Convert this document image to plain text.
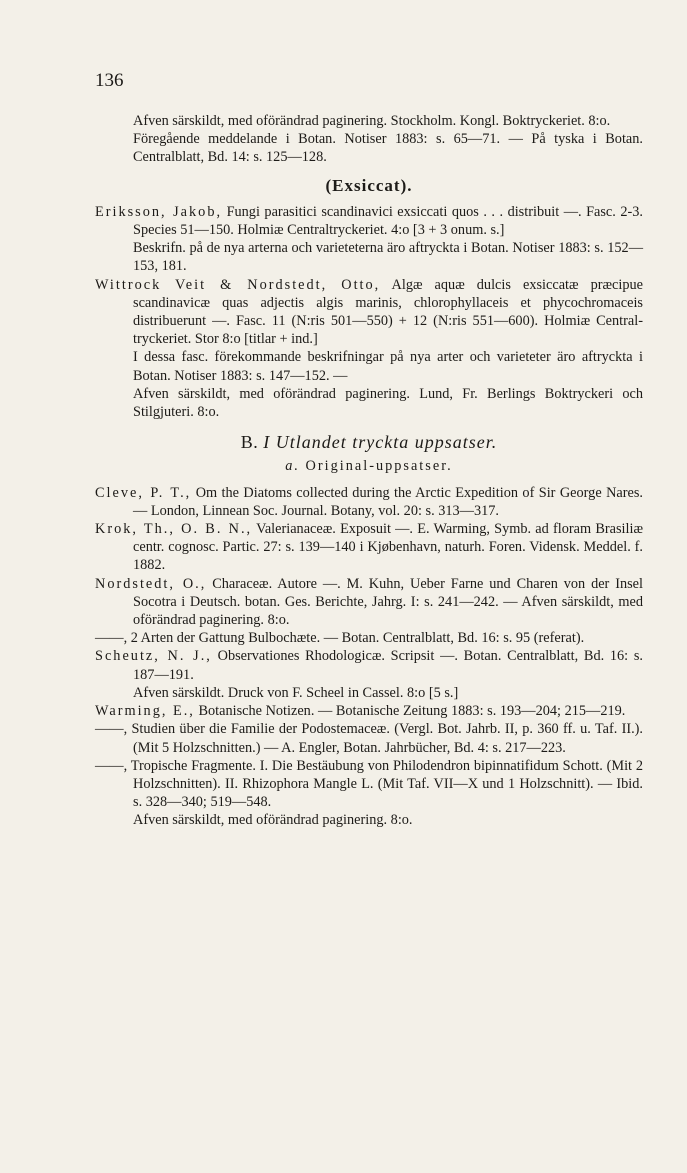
136

Afven särskildt, med oförändrad paginering. Stockholm. Kongl. Boktryckeriet. 8:o.

Föregående meddelande i Botan. Notiser 1883: s. 65—71. — På tyska i Botan. Centralblatt, Bd. 14: s. 125—128.

(Exsiccat).

Eriksson, Jakob, Fungi parasitici scandinavici exsiccati quos . . . distribuit —. Fasc. 2-3. Species 51—150. Holmiæ Centraltryckeriet. 4:o [3 + 3 onum. s.]

Beskrifn. på de nya arterna och varieteterna äro aftryckta i Botan. Notiser 1883: s. 152—153, 181.

Wittrock Veit & Nordstedt, Otto, Algæ aquæ dulcis exsiccatæ præcipue scandinavicæ quas adjectis algis marinis, chlorophyllaceis et phycochromaceis distribuerunt —. Fasc. 11 (N:ris 501—550) + 12 (N:ris 551—600). Holmiæ Central-tryckeriet. Stor 8:o [titlar + ind.]

I dessa fasc. förekommande beskrifningar på nya arter och varieteter äro aftryckta i Botan. Notiser 1883: s. 147—152. —

Afven särskildt, med oförändrad paginering. Lund, Fr. Berlings Boktryckeri och Stilgjuteri. 8:o.

B. I Utlandet tryckta uppsatser.
a. Original-uppsatser.

Cleve, P. T., Om the Diatoms collected during the Arctic Expedition of Sir George Nares. — London, Linnean Soc. Journal. Botany, vol. 20: s. 313—317.

Krok, Th., O. B. N., Valerianaceæ. Exposuit —. E. Warming, Symb. ad floram Brasiliæ centr. cognosc. Partic. 27: s. 139—140 i Kjøbenhavn, naturh. Foren. Vidensk. Meddel. f. 1882.

Nordstedt, O., Characeæ. Autore —. M. Kuhn, Ueber Farne und Charen von der Insel Socotra i Deutsch. botan. Ges. Berichte, Jahrg. I: s. 241—242. — Afven särskildt, med oförändrad paginering. 8:o.

——, 2 Arten der Gattung Bulbochæte. — Botan. Centralblatt, Bd. 16: s. 95 (referat).

Scheutz, N. J., Observationes Rhodologicæ. Scripsit —. Botan. Centralblatt, Bd. 16: s. 187—191.

Afven särskildt. Druck von F. Scheel in Cassel. 8:o [5 s.]

Warming, E., Botanische Notizen. — Botanische Zeitung 1883: s. 193—204; 215—219.

——, Studien über die Familie der Podostemaceæ. (Vergl. Bot. Jahrb. II, p. 360 ff. u. Taf. II.). (Mit 5 Holzschnitten.) — A. Engler, Botan. Jahrbücher, Bd. 4: s. 217—223.

——, Tropische Fragmente. I. Die Bestäubung von Philodendron bipinnatifidum Schott. (Mit 2 Holzschnitten). II. Rhizophora Mangle L. (Mit Taf. VII—X und 1 Holzschnitt). — Ibid. s. 328—340; 519—548.

Afven särskildt, med oförändrad paginering. 8:o.
